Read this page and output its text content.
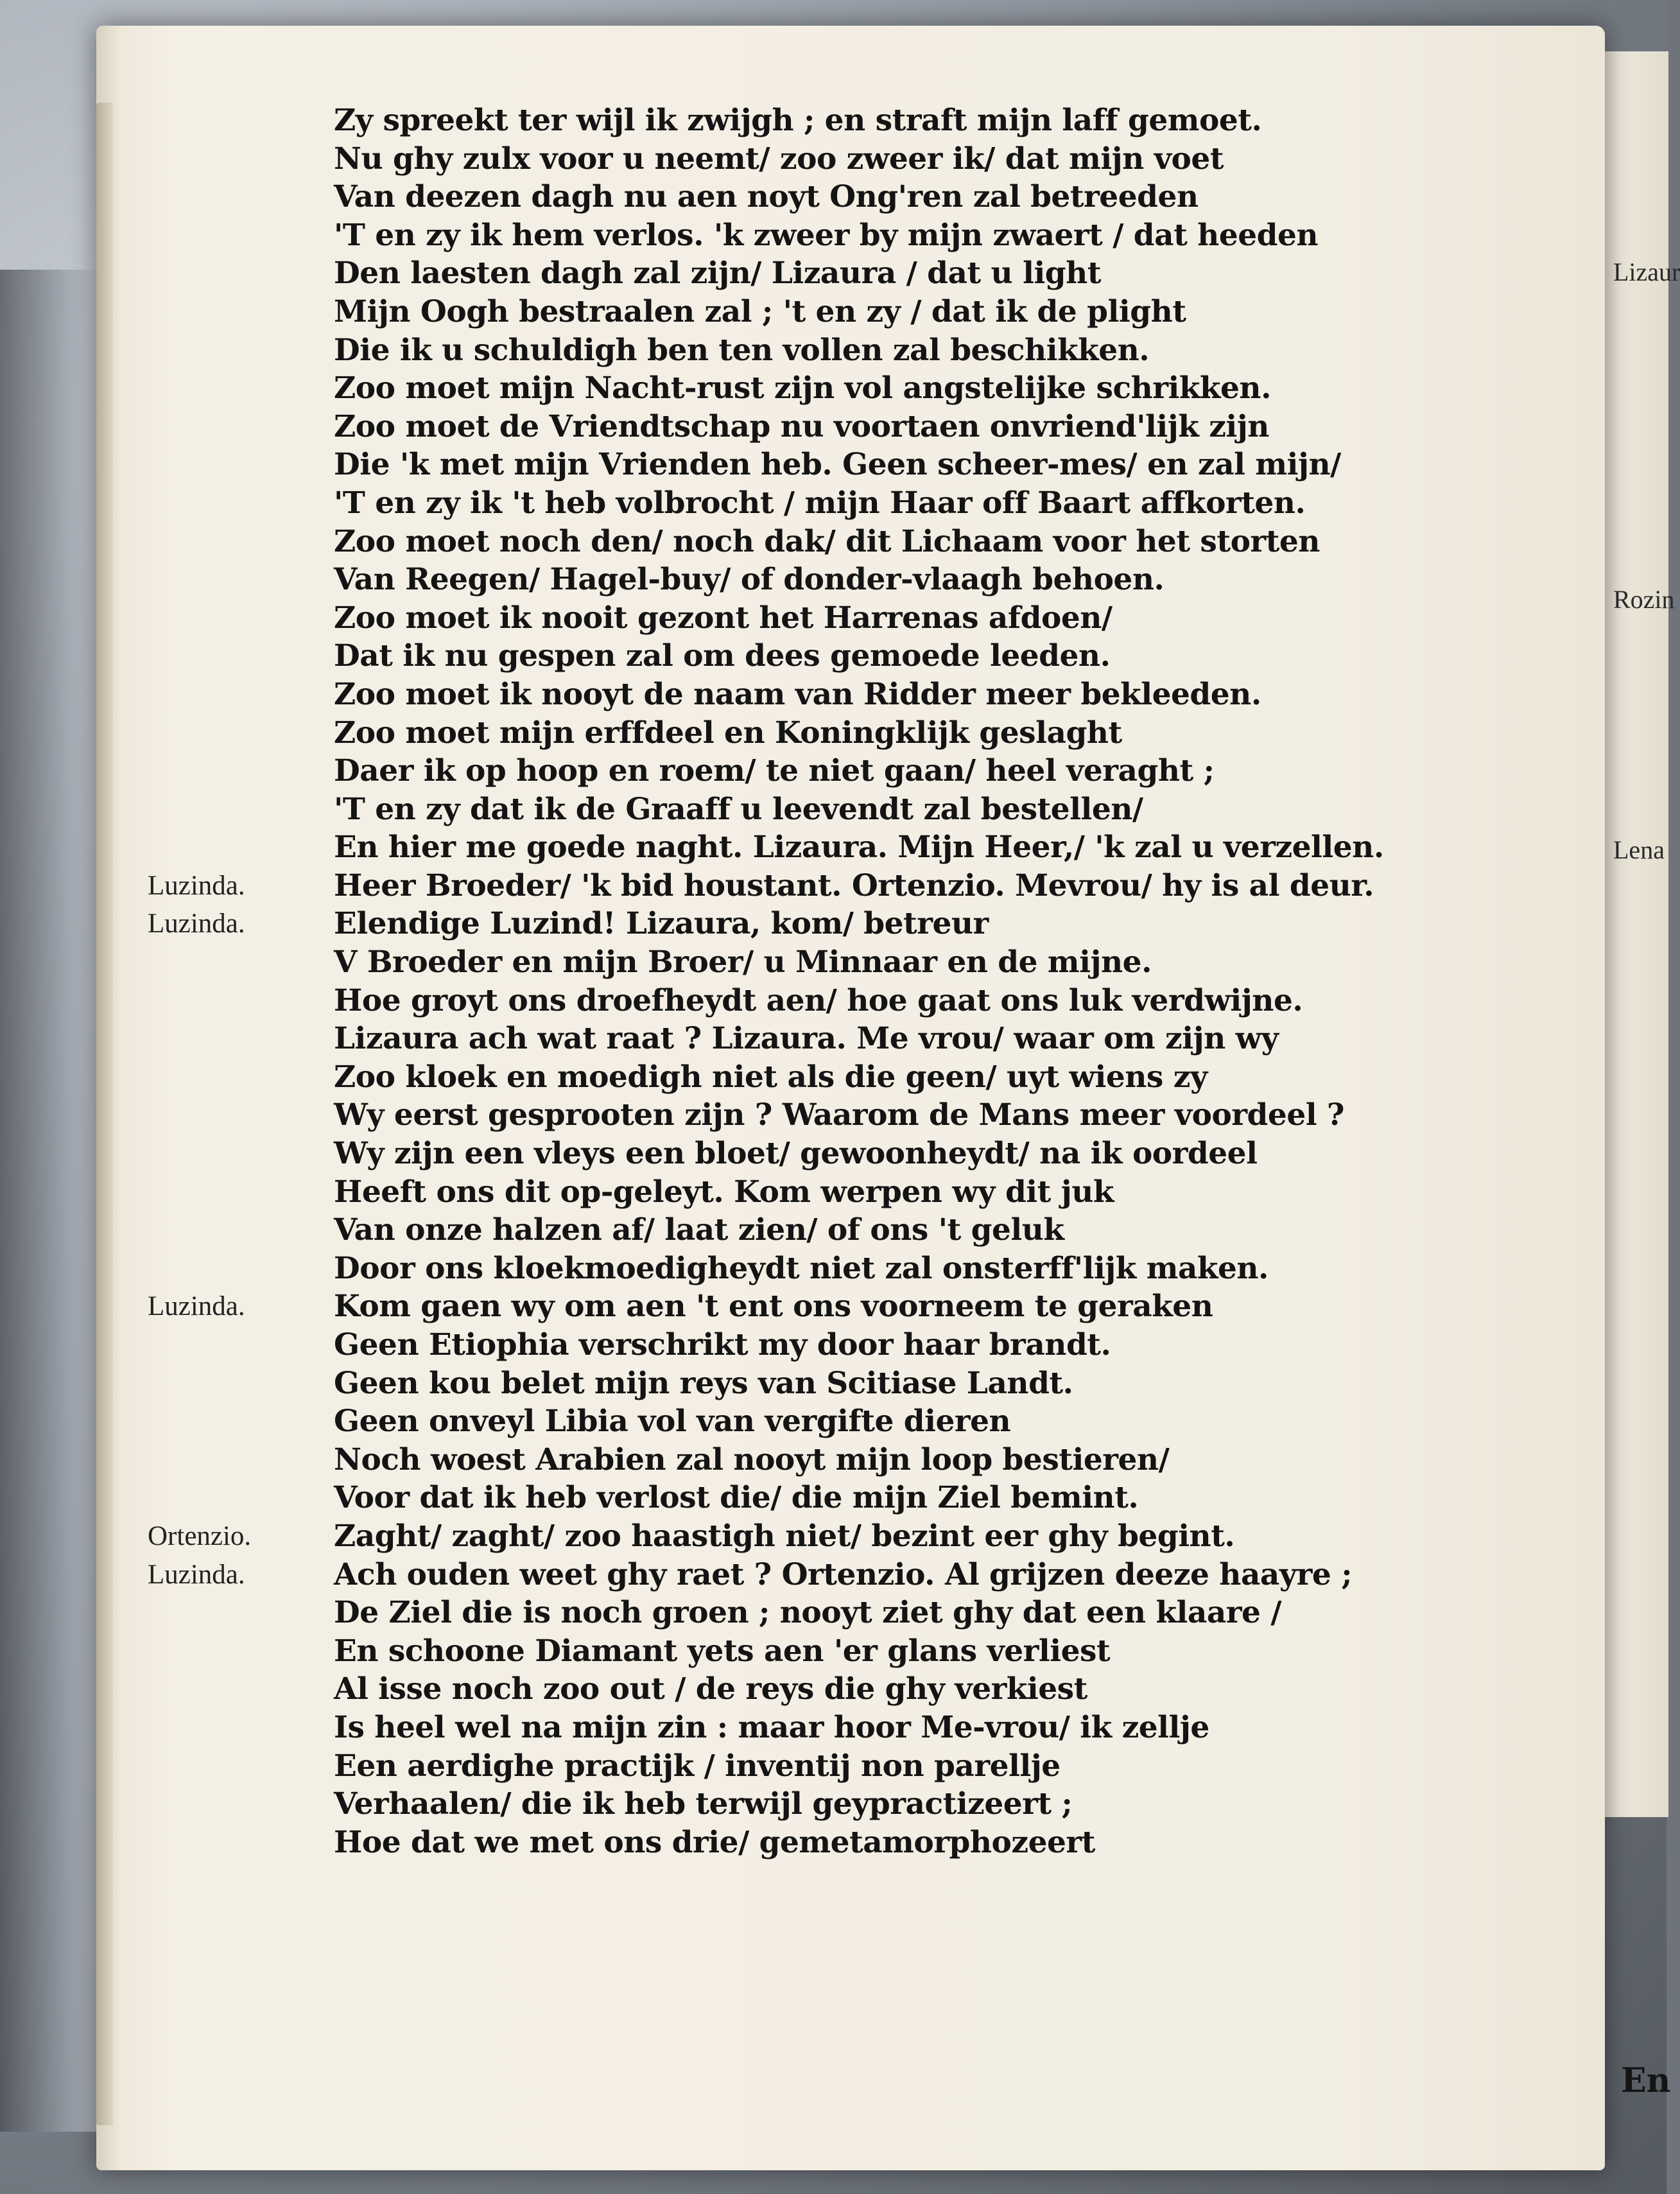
Lizaur
Rozin
Lena
Zy spreekt ter wijl ik zwijgh ; en straft mijn laff gemoet.
Nu ghy zulx voor u neemt/ zoo zweer ik/ dat mijn voet
Van deezen dagh nu aen noyt Ong'ren zal betreeden
'T en zy ik hem verlos. 'k zweer by mijn zwaert / dat heeden
Den laesten dagh zal zijn/ Lizaura / dat u light
Mijn Oogh bestraalen zal ; 't en zy / dat ik de plight
Die ik u schuldigh ben ten vollen zal beschikken.
Zoo moet mijn Nacht-rust zijn vol angstelijke schrikken.
Zoo moet de Vriendtschap nu voortaen onvriend'lijk zijn
Die 'k met mijn Vrienden heb. Geen scheer-mes/ en zal mijn/
'T en zy ik 't heb volbrocht / mijn Haar off Baart affkorten.
Zoo moet noch den/ noch dak/ dit Lichaam voor het storten
Van Reegen/ Hagel-buy/ of donder-vlaagh behoen.
Zoo moet ik nooit gezont het Harrenas afdoen/
Dat ik nu gespen zal om dees gemoede leeden.
Zoo moet ik nooyt de naam van Ridder meer bekleeden.
Zoo moet mijn erffdeel en Koningklijk geslaght
Daer ik op hoop en roem/ te niet gaan/ heel veraght ;
'T en zy dat ik de Graaff u leevendt zal bestellen/
En hier me goede naght. Lizaura. Mijn Heer,/ 'k zal u verzellen.
Luzinda.	Heer Broeder/ 'k bid houstant. Ortenzio. Mevrou/ hy is al deur.
Luzinda.	Elendige Luzind! Lizaura, kom/ betreur
V Broeder en mijn Broer/ u Minnaar en de mijne.
Hoe groyt ons droefheydt aen/ hoe gaat ons luk verdwijne.
Lizaura ach wat raat ? Lizaura. Me vrou/ waar om zijn wy
Zoo kloek en moedigh niet als die geen/ uyt wiens zy
Wy eerst gesprooten zijn ? Waarom de Mans meer voordeel ?
Wy zijn een vleys een bloet/ gewoonheydt/ na ik oordeel
Heeft ons dit op-geleyt. Kom werpen wy dit juk
Van onze halzen af/ laat zien/ of ons 't geluk
Door ons kloekmoedigheydt niet zal onsterff'lijk maken.
Luzinda.	Kom gaen wy om aen 't ent ons voorneem te geraken
Geen Etiophia verschrikt my door haar brandt.
Geen kou belet mijn reys van Scitiase Landt.
Geen onveyl Libia vol van vergifte dieren
Noch woest Arabien zal nooyt mijn loop bestieren/
Voor dat ik heb verlost die/ die mijn Ziel bemint.
Ortenzio.	Zaght/ zaght/ zoo haastigh niet/ bezint eer ghy begint.
Luzinda.	Ach ouden weet ghy raet ? Ortenzio. Al grijzen deeze haayre ;
De Ziel die is noch groen ; nooyt ziet ghy dat een klaare /
En schoone Diamant yets aen 'er glans verliest
Al isse noch zoo out / de reys die ghy verkiest
Is heel wel na mijn zin : maar hoor Me-vrou/ ik zellje
Een aerdighe practijk / inventij non parellje
Verhaalen/ die ik heb terwijl geypractizeert ;
Hoe dat we met ons drie/ gemetamorphozeert
En
